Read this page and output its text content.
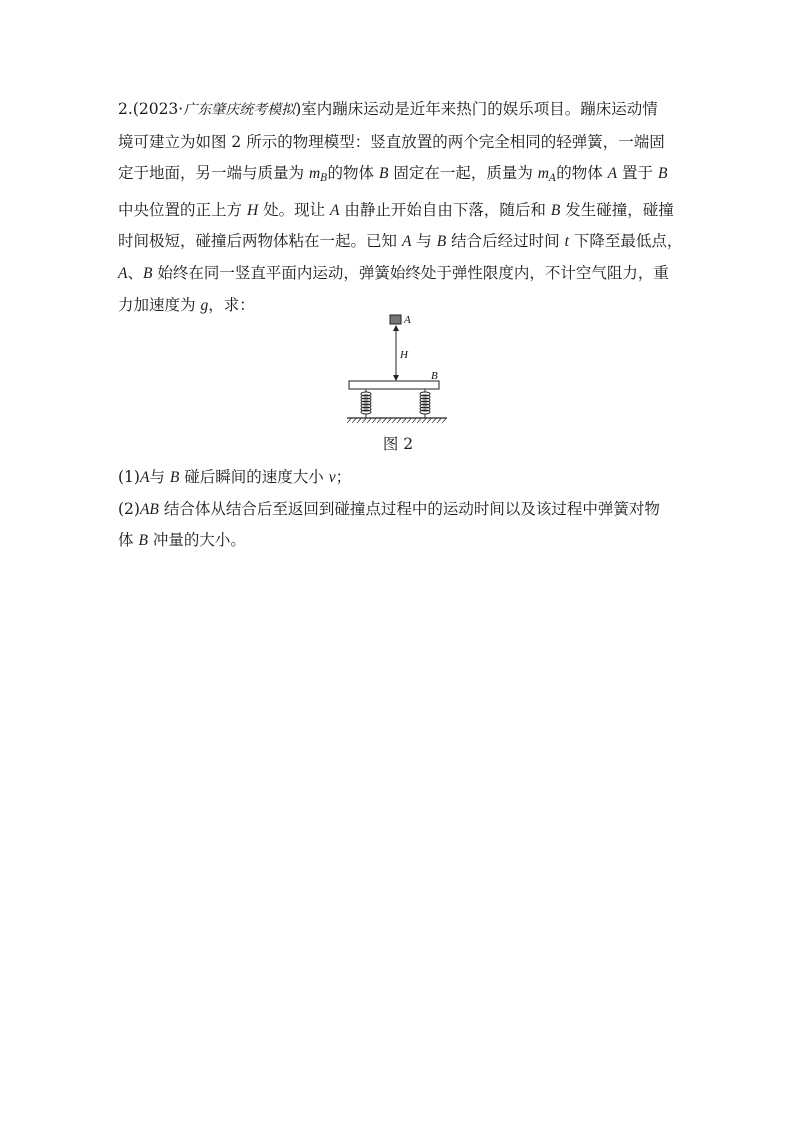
2.(2023·广东肇庆统考模拟)室内蹦床运动是近年来热门的娱乐项目。蹦床运动情
境可建立为如图 2 所示的物理模型：竖直放置的两个完全相同的轻弹簧，一端固
定于地面，另一端与质量为 $m_B$的物体 B 固定在一起，质量为 $m_A$的物体 A 置于 B
中央位置的正上方 H 处。现让 A 由静止开始自由下落，随后和 B 发生碰撞，碰撞
时间极短，碰撞后两物体粘在一起。已知 A 与 B 结合后经过时间 t 下降至最低点，
A、B 始终在同一竖直平面内运动，弹簧始终处于弹性限度内，不计空气阻力，重
力加速度为 g，求：
A
H
B
图 2
(1)A与 B 碰后瞬间的速度大小 v；
(2)AB 结合体从结合后至返回到碰撞点过程中的运动时间以及该过程中弹簧对物
体 B 冲量的大小。
